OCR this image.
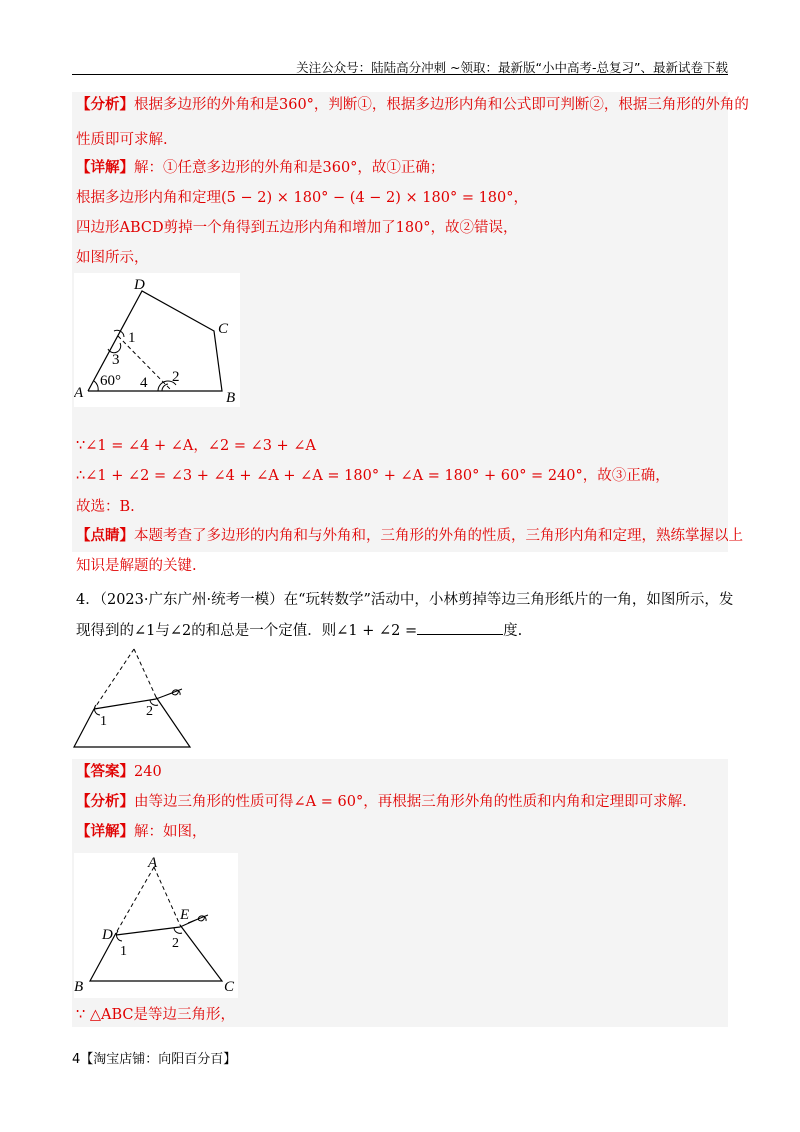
关注公众号：陆陆高分冲刺 ~领取：最新版“小中高考-总复习”、最新试卷下载
【分析】根据多边形的外角和是360°，判断①，根据多边形内角和公式即可判断②，根据三角形的外角的
性质即可求解.
【详解】解：①任意多边形的外角和是360°，故①正确；
根据多边形内角和定理(5 − 2) × 180° − (4 − 2) × 180° = 180°，
四边形ABCD剪掉一个角得到五边形内角和增加了180°，故②错误，
如图所示，
D
C
A	B
1
3
4 2
60°
∵∠1 = ∠4 + ∠A，∠2 = ∠3 + ∠A
∴∠1 + ∠2 = ∠3 + ∠4 + ∠A + ∠A = 180° + ∠A = 180° + 60° = 240°，故③正确，
故选：B.
【点睛】本题考查了多边形的内角和与外角和，三角形的外角的性质，三角形内角和定理，熟练掌握以上
知识是解题的关键.
4．（2023·广东广州·统考一模）在“玩转数学”活动中，小林剪掉等边三角形纸片的一角，如图所示，发
现得到的∠1与∠2的和总是一个定值．则∠1 + ∠2 =	度.
1
2
【答案】240
【分析】由等边三角形的性质可得∠A = 60°，再根据三角形外角的性质和内角和定理即可求解.
【详解】解：如图，
A
D
E
B	C
1
2
∵ △ABC是等边三角形，
4【淘宝店铺：向阳百分百】
